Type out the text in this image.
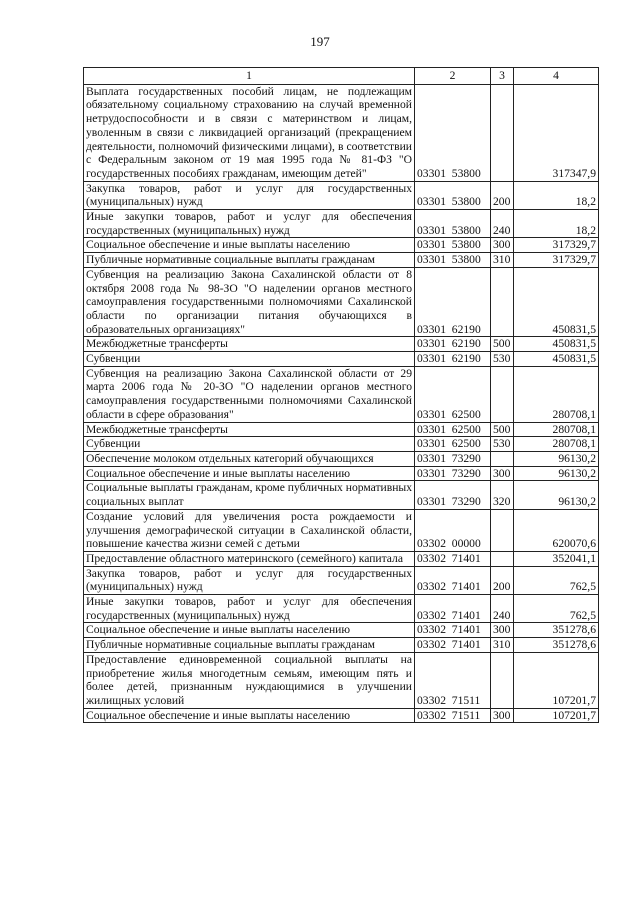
197
1	2	3	4
Выплата государственных пособий лицам, не подлежащим обязательному социальному страхованию на случай временной нетрудоспособности и в связи с материнством и лицам, уволенным в связи с ликвидацией организаций (прекращением деятельности, полномочий физическими лицами), в соответствии с Федеральным законом от 19 мая 1995 года № 81-ФЗ "О государственных пособиях гражданам, имеющим детей"	03301  53800		317347,9
Закупка товаров, работ и услуг для государственных (муниципальных) нужд	03301  53800	200	18,2
Иные закупки товаров, работ и услуг для обеспечения государственных (муниципальных) нужд	03301  53800	240	18,2
Социальное обеспечение и иные выплаты населению	03301  53800	300	317329,7
Публичные нормативные социальные выплаты гражданам	03301  53800	310	317329,7
Субвенция на реализацию Закона Сахалинской области от 8 октября 2008 года № 98-ЗО "О наделении органов местного самоуправления государственными полномочиями Сахалинской области по организации питания обучающихся в образовательных организациях"	03301  62190		450831,5
Межбюджетные трансферты	03301  62190	500	450831,5
Субвенции	03301  62190	530	450831,5
Субвенция на реализацию Закона Сахалинской области от 29 марта 2006 года № 20-ЗО "О наделении органов местного самоуправления государственными полномочиями Сахалинской области в сфере образования"	03301  62500		280708,1
Межбюджетные трансферты	03301  62500	500	280708,1
Субвенции	03301  62500	530	280708,1
Обеспечение молоком отдельных категорий обучающихся	03301  73290		96130,2
Социальное обеспечение и иные выплаты населению	03301  73290	300	96130,2
Социальные выплаты гражданам, кроме публичных нормативных социальных выплат	03301  73290	320	96130,2
Создание условий для увеличения роста рождаемости и улучшения демографической ситуации в Сахалинской области, повышение качества жизни семей с детьми	03302  00000		620070,6
Предоставление областного материнского (семейного) капитала	03302  71401		352041,1
Закупка товаров, работ и услуг для государственных (муниципальных) нужд	03302  71401	200	762,5
Иные закупки товаров, работ и услуг для обеспечения государственных (муниципальных) нужд	03302  71401	240	762,5
Социальное обеспечение и иные выплаты населению	03302  71401	300	351278,6
Публичные нормативные социальные выплаты гражданам	03302  71401	310	351278,6
Предоставление единовременной социальной выплаты на приобретение жилья многодетным семьям, имеющим пять и более детей, признанным нуждающимися в улучшении жилищных условий	03302  71511		107201,7
Социальное обеспечение и иные выплаты населению	03302  71511	300	107201,7
